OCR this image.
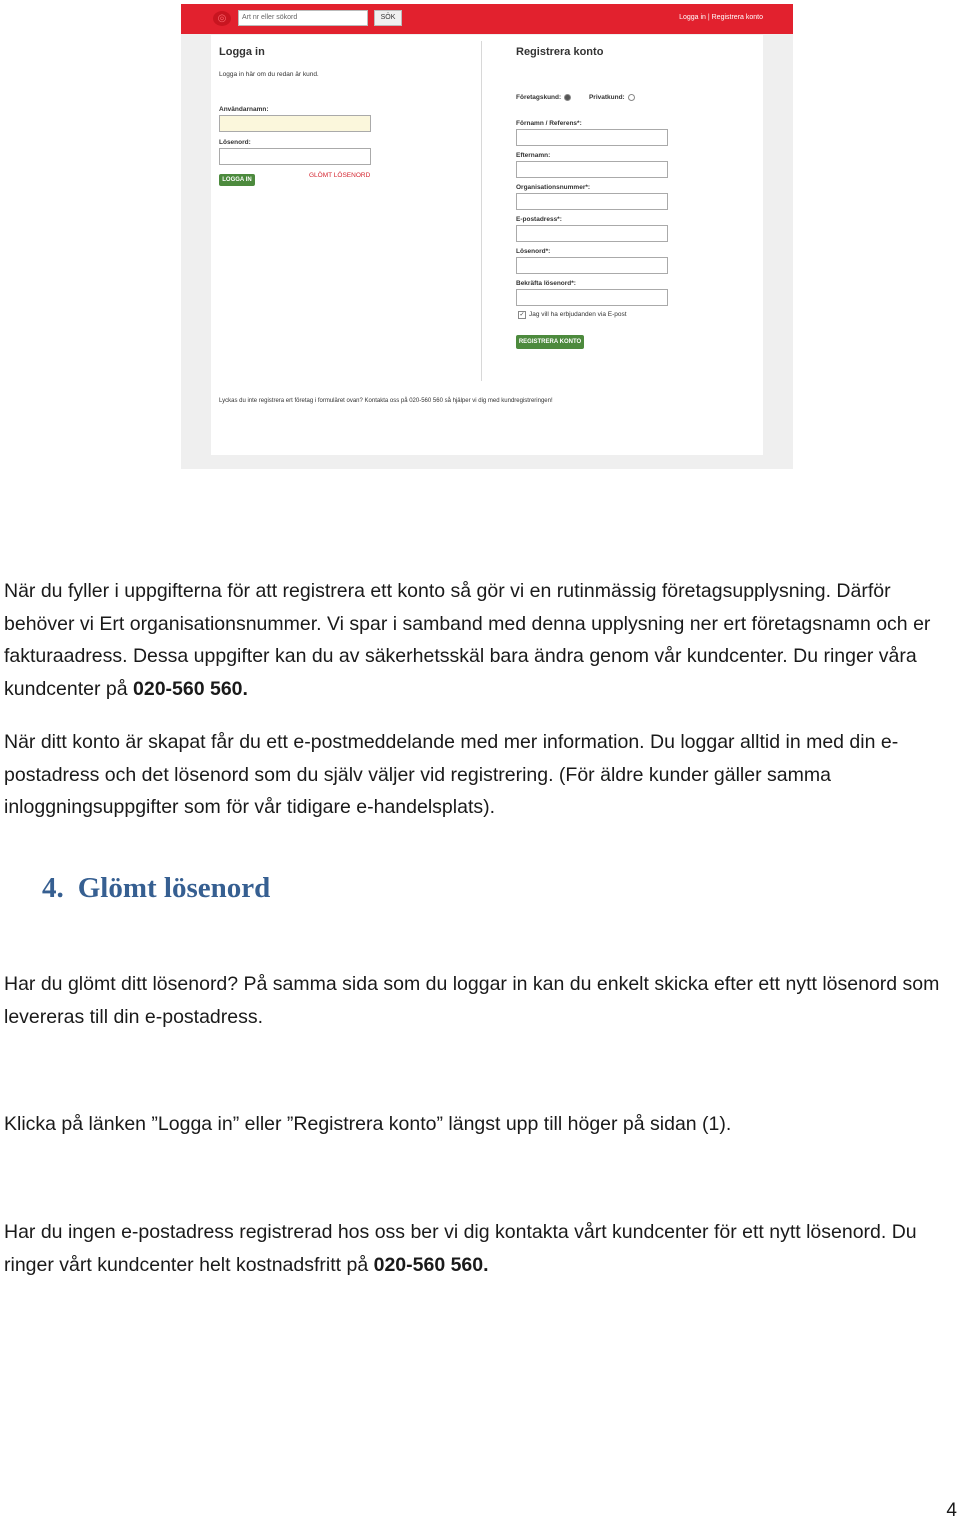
◎	Art nr eller sökord	SÖK	Logga in | Registrera konto
Logga in
Logga in här om du redan är kund.
Användarnamn:
Lösenord:
LOGGA IN
GLÖMT LÖSENORD
Registrera konto
Företagskund:	Privatkund:
Förnamn / Referens*:
Efternamn:
Organisationsnummer*:
E-postadress*:
Lösenord*:
Bekräfta lösenord*:
✓ Jag vill ha erbjudanden via E-post
REGISTRERA KONTO
Lyckas du inte registrera ert företag i formuläret ovan? Kontakta oss på 020-560 560 så hjälper vi dig med kundregistreringen!

När du fyller i uppgifterna för att registrera ett konto så gör vi en rutinmässig företagsupplysning. Därför behöver vi Ert organisationsnummer. Vi spar i samband med denna upplysning ner ert företagsnamn och er fakturaadress. Dessa uppgifter kan du av säkerhetsskäl bara ändra genom vår kundcenter. Du ringer våra kundcenter på 020-560 560.

När ditt konto är skapat får du ett e-postmeddelande med mer information. Du loggar alltid in med din e-postadress och det lösenord som du själv väljer vid registrering. (För äldre kunder gäller samma inloggningsuppgifter som för vår tidigare e-handelsplats).

4. Glömt lösenord

Har du glömt ditt lösenord? På samma sida som du loggar in kan du enkelt skicka efter ett nytt lösenord som levereras till din e-postadress.

Klicka på länken ”Logga in” eller ”Registrera konto” längst upp till höger på sidan (1).

Har du ingen e-postadress registrerad hos oss ber vi dig kontakta vårt kundcenter för ett nytt lösenord. Du ringer vårt kundcenter helt kostnadsfritt på 020-560 560.

4
